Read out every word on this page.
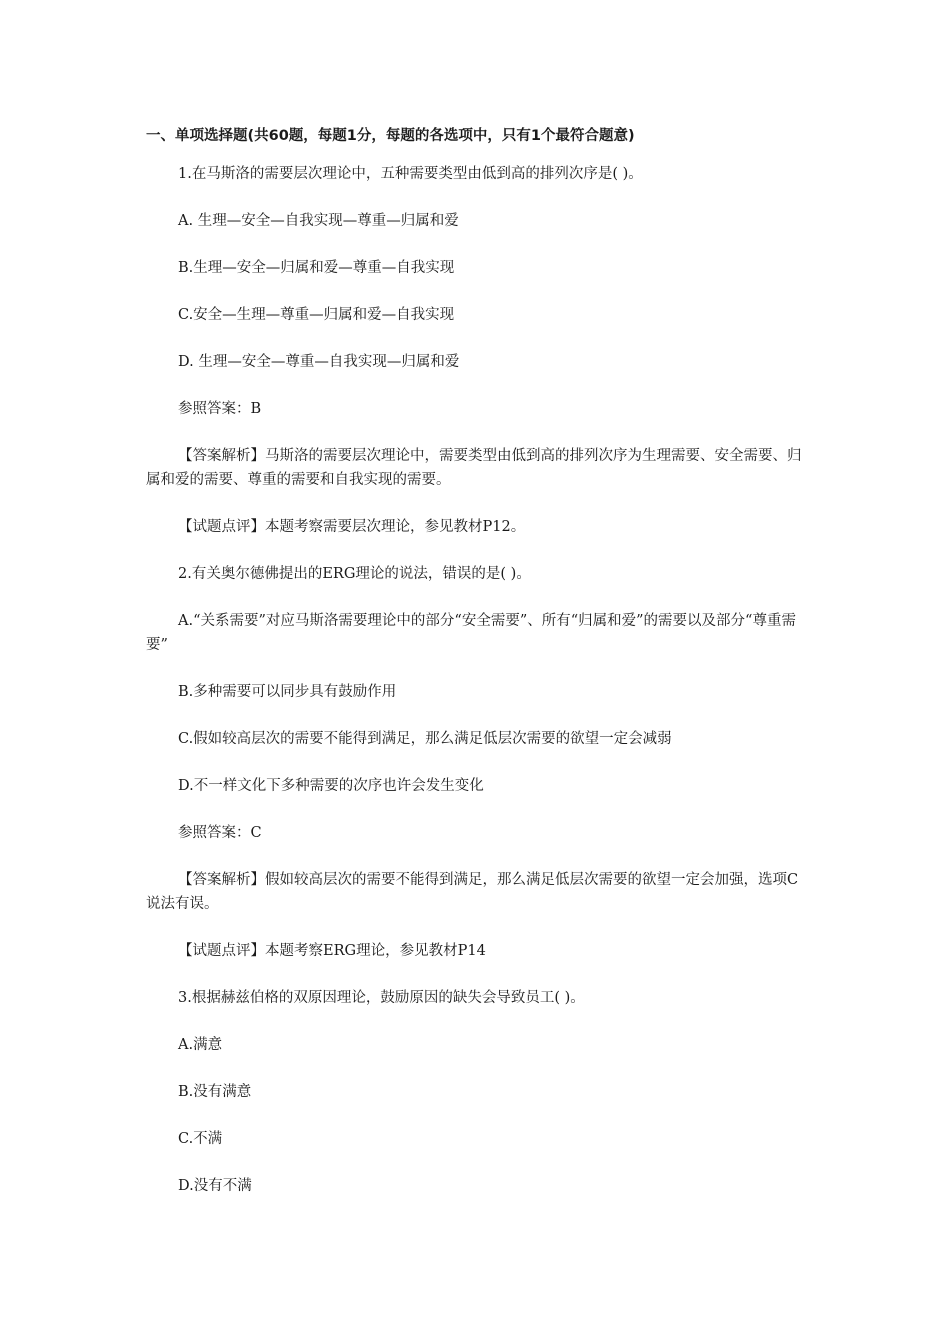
一、单项选择题(共60题，每题1分，每题的各选项中，只有1个最符合题意)
1.在马斯洛的需要层次理论中，五种需要类型由低到高的排列次序是( )。
A. 生理—安全—自我实现—尊重—归属和爱
B.生理—安全—归属和爱—尊重—自我实现
C.安全—生理—尊重—归属和爱—自我实现
D. 生理—安全—尊重—自我实现—归属和爱
参照答案：B
【答案解析】马斯洛的需要层次理论中，需要类型由低到高的排列次序为生理需要、安全需要、归属和爱的需要、尊重的需要和自我实现的需要。
【试题点评】本题考察需要层次理论，参见教材P12。
2.有关奥尔德佛提出的ERG理论的说法，错误的是( )。
A.“关系需要”对应马斯洛需要理论中的部分“安全需要”、所有“归属和爱”的需要以及部分“尊重需要”
B.多种需要可以同步具有鼓励作用
C.假如较高层次的需要不能得到满足，那么满足低层次需要的欲望一定会减弱
D.不一样文化下多种需要的次序也许会发生变化
参照答案：C
【答案解析】假如较高层次的需要不能得到满足，那么满足低层次需要的欲望一定会加强，选项C说法有误。
【试题点评】本题考察ERG理论，参见教材P14
3.根据赫兹伯格的双原因理论，鼓励原因的缺失会导致员工( )。
A.满意
B.没有满意
C.不满
D.没有不满
